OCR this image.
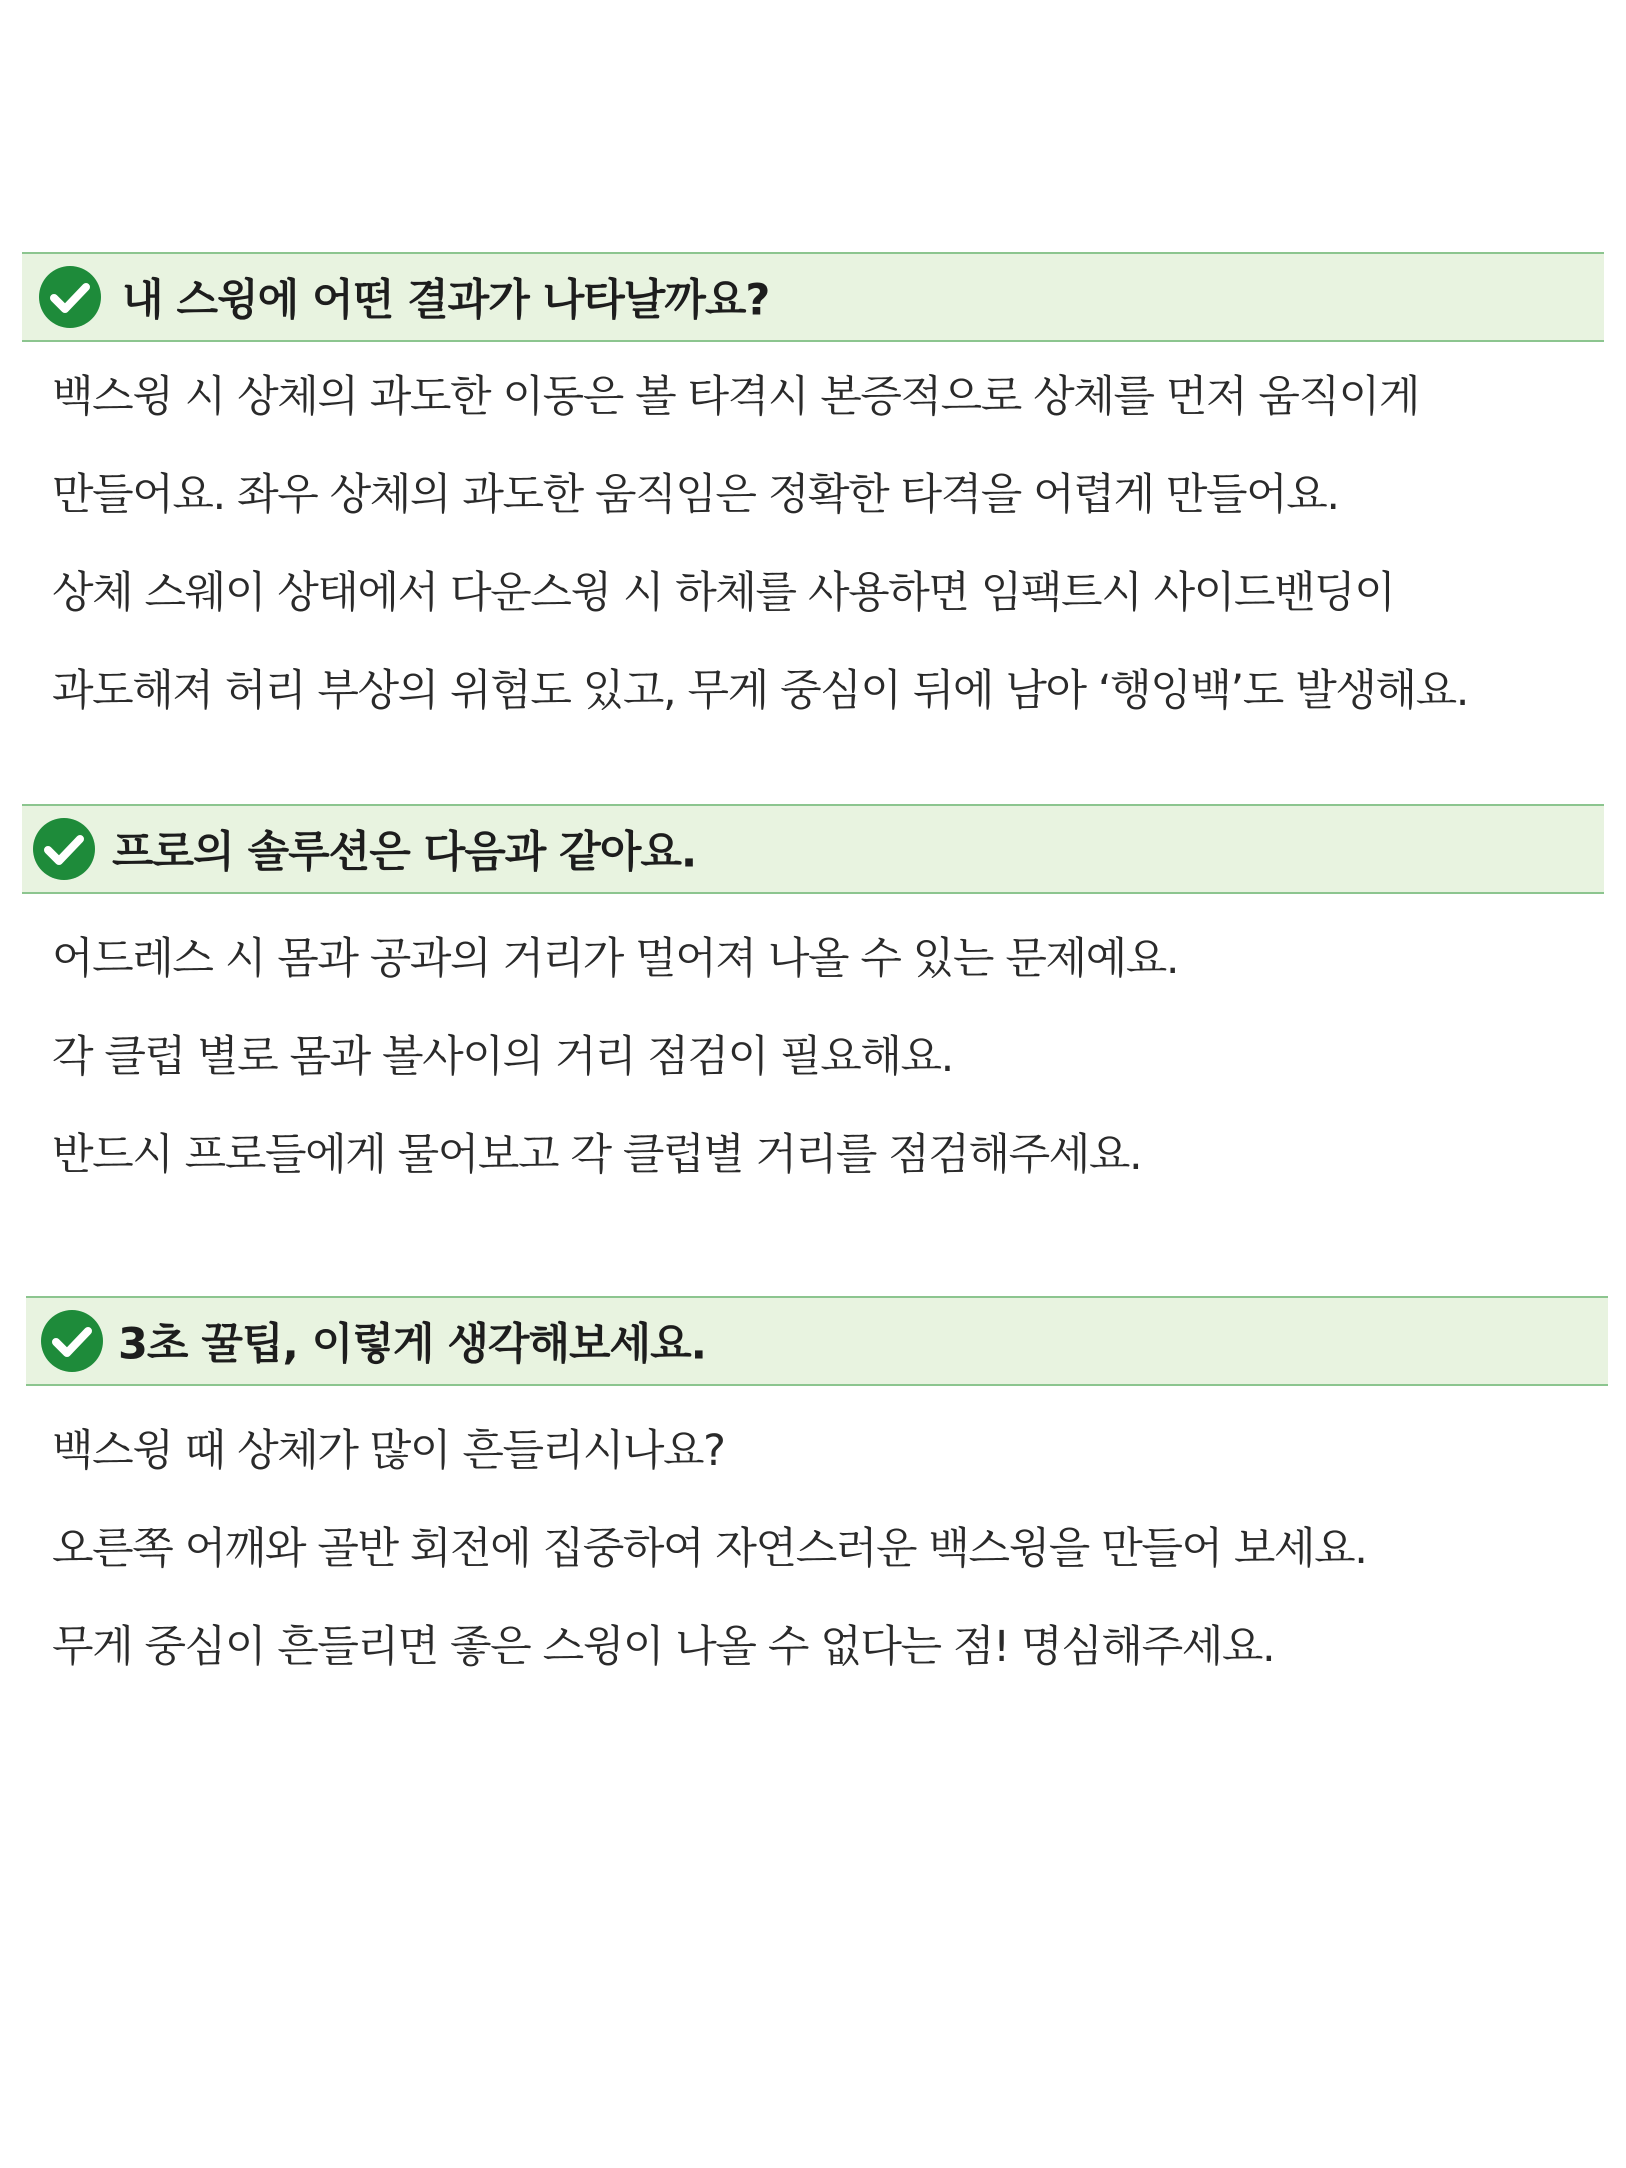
내 스윙에 어떤 결과가 나타날까요?
백스윙 시 상체의 과도한 이동은 볼 타격시 본증적으로 상체를 먼저 움직이게
만들어요. 좌우 상체의 과도한 움직임은 정확한 타격을 어렵게 만들어요.
상체 스웨이 상태에서 다운스윙 시 하체를 사용하면 임팩트시 사이드밴딩이
과도해져 허리 부상의 위험도 있고, 무게 중심이 뒤에 남아 ‘행잉백’도 발생해요.
프로의 솔루션은 다음과 같아요.
어드레스 시 몸과 공과의 거리가 멀어져 나올 수 있는 문제예요.
각 클럽 별로 몸과 볼사이의 거리 점검이 필요해요.
반드시 프로들에게 물어보고 각 클럽별 거리를 점검해주세요.
3초 꿀팁, 이렇게 생각해보세요.
백스윙 때 상체가 많이 흔들리시나요?
오른쪽 어깨와 골반 회전에 집중하여 자연스러운 백스윙을 만들어 보세요.
무게 중심이 흔들리면 좋은 스윙이 나올 수 없다는 점! 명심해주세요.
